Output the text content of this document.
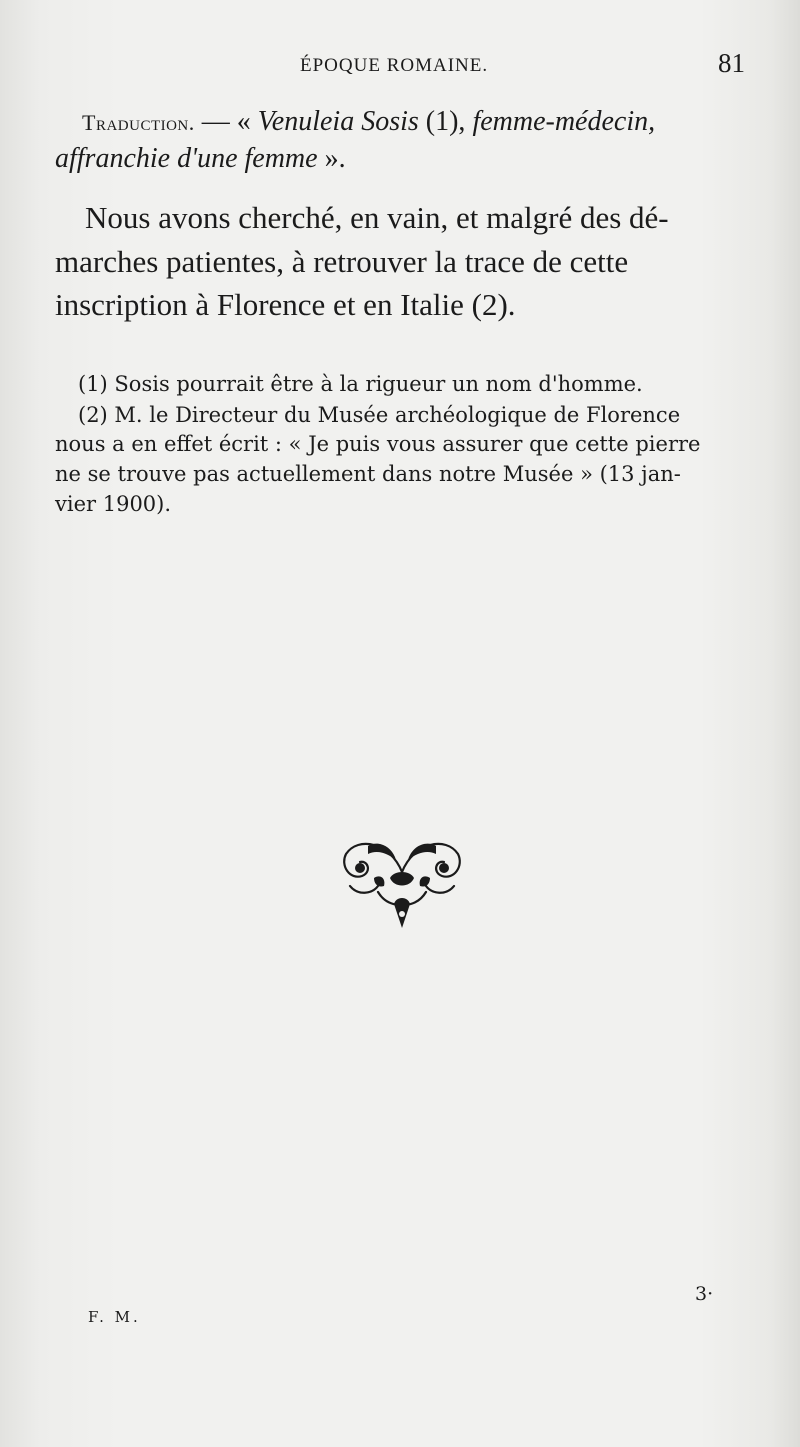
ÉPOQUE ROMAINE.	81
Traduction. — « Venuleia Sosis (1), femme-médecin,
affranchie d'une femme ».
Nous avons cherché, en vain, et malgré des dé-
marches patientes, à retrouver la trace de cette
inscription à Florence et en Italie (2).
(1) Sosis pourrait être à la rigueur un nom d'homme.
(2) M. le Directeur du Musée archéologique de Florence
nous a en effet écrit : « Je puis vous assurer que cette pierre
ne se trouve pas actuellement dans notre Musée » (13 jan-
vier 1900).
F. M.
3·
